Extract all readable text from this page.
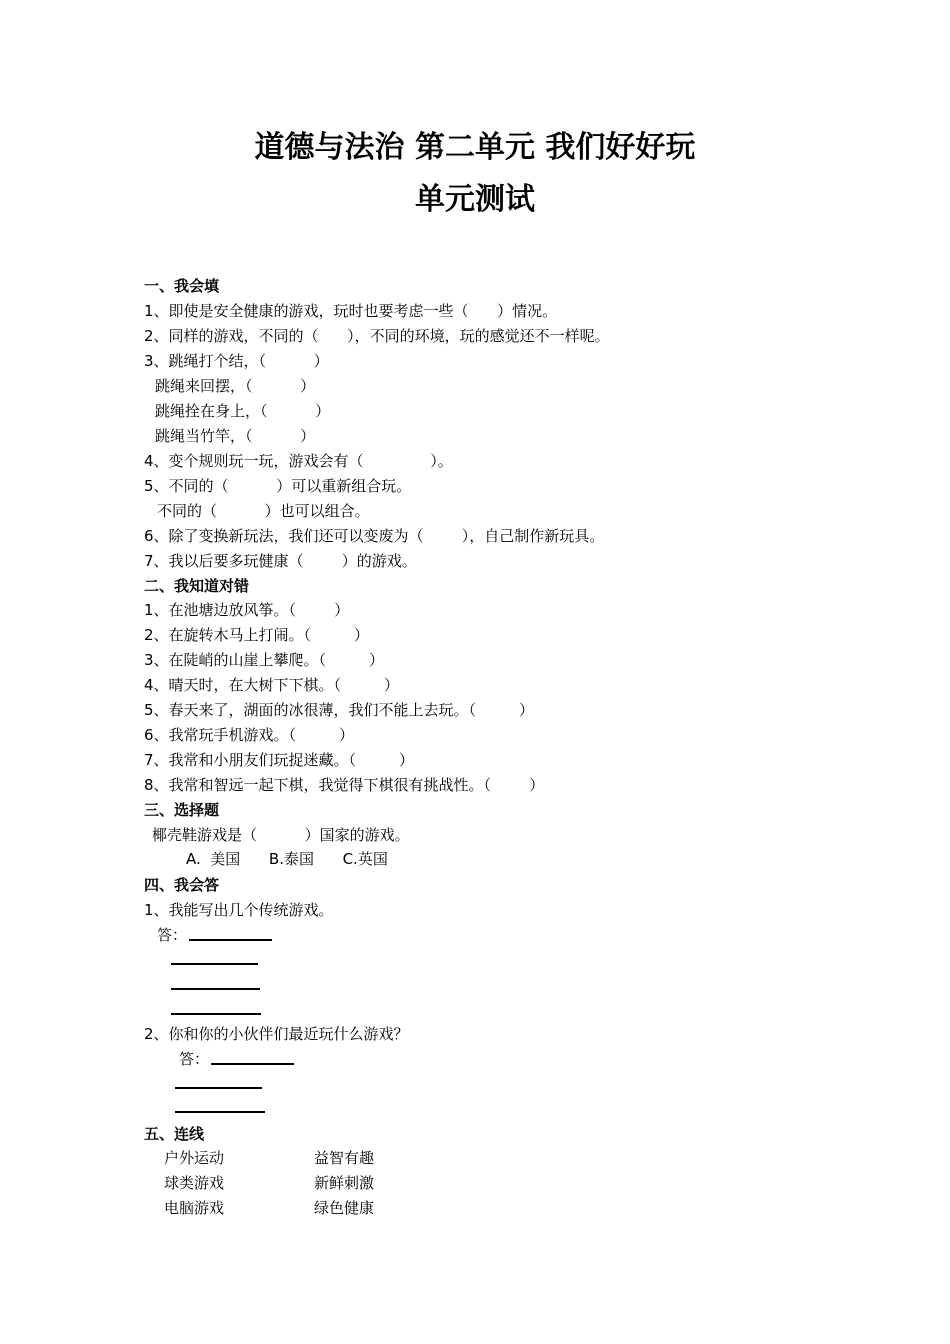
道德与法治 第二单元 我们好好玩
单元测试
一、我会填
1、即使是安全健康的游戏，玩时也要考虑一些（      ）情况。
2、同样的游戏，不同的（      ），不同的环境，玩的感觉还不一样呢。
3、跳绳打个结，（          ）
跳绳来回摆，（          ）
跳绳拴在身上，（          ）
跳绳当竹竿，（          ）
4、变个规则玩一玩，游戏会有（              ）。
5、不同的（          ）可以重新组合玩。
不同的（          ）也可以组合。
6、除了变换新玩法，我们还可以变废为（        ），自己制作新玩具。
7、我以后要多玩健康（        ）的游戏。
二、我知道对错
1、在池塘边放风筝。（        ）
2、在旋转木马上打闹。（         ）
3、在陡峭的山崖上攀爬。（         ）
4、晴天时，在大树下下棋。（         ）
5、春天来了，湖面的冰很薄，我们不能上去玩。（         ）
6、我常玩手机游戏。（         ）
7、我常和小朋友们玩捉迷藏。（         ）
8、我常和智远一起下棋，我觉得下棋很有挑战性。（        ）
三、选择题
椰壳鞋游戏是（          ）国家的游戏。
A.  美国      B.泰国      C.英国
四、我会答
1、我能写出几个传统游戏。
答：
2、你和你的小伙伴们最近玩什么游戏？
答：
五、连线
户外运动	益智有趣
球类游戏	新鲜刺激
电脑游戏	绿色健康
